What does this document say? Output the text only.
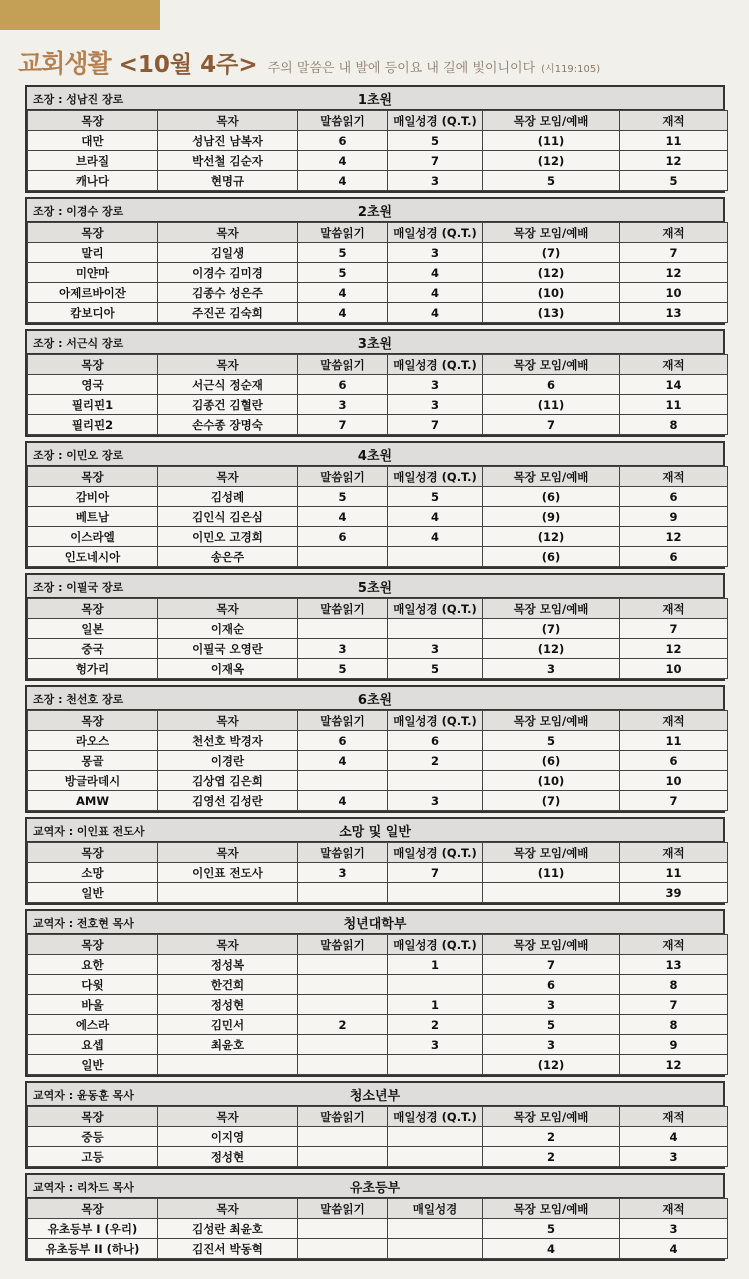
교회생활 <10월 4주> 주의 말씀은 내 발에 등이요 내 길에 빛이니이다 (시119:105)
조장 : 성남진 장로	1초원
목장	목자	말씀읽기	매일성경 (Q.T.)	목장 모임/예배	재적
대만	성남진 남복자	6	5	(11)	11
브라질	박선철 김순자	4	7	(12)	12
캐나다	현명규	4	3	5	5
조장 : 이경수 장로	2초원
목장	목자	말씀읽기	매일성경 (Q.T.)	목장 모임/예배	재적
말리	김일생	5	3	(7)	7
미얀마	이경수 김미경	5	4	(12)	12
아제르바이잔	김종수 성은주	4	4	(10)	10
캄보디아	주진곤 김숙희	4	4	(13)	13
조장 : 서근식 장로	3초원
목장	목자	말씀읽기	매일성경 (Q.T.)	목장 모임/예배	재적
영국	서근식 정순재	6	3	6	14
필리핀1	김종건 김혈란	3	3	(11)	11
필리핀2	손수종 장명숙	7	7	7	8
조장 : 이민오 장로	4초원
목장	목자	말씀읽기	매일성경 (Q.T.)	목장 모임/예배	재적
감비아	김성례	5	5	(6)	6
베트남	김인식 김은심	4	4	(9)	9
이스라엘	이민오 고경희	6	4	(12)	12
인도네시아	송은주			(6)	6
조장 : 이필국 장로	5초원
목장	목자	말씀읽기	매일성경 (Q.T.)	목장 모임/예배	재적
일본	이재순			(7)	7
중국	이필국 오영란	3	3	(12)	12
헝가리	이재옥	5	5	3	10
조장 : 천선호 장로	6초원
목장	목자	말씀읽기	매일성경 (Q.T.)	목장 모임/예배	재적
라오스	천선호 박경자	6	6	5	11
몽골	이경란	4	2	(6)	6
방글라데시	김상엽 김은희			(10)	10
AMW	김영선 김성란	4	3	(7)	7
교역자 : 이인표 전도사	소망 및 일반
목장	목자	말씀읽기	매일성경 (Q.T.)	목장 모임/예배	재적
소망	이인표 전도사	3	7	(11)	11
일반					39
교역자 : 전호현 목사	청년대학부
목장	목자	말씀읽기	매일성경 (Q.T.)	목장 모임/예배	재적
요한	정성복		1	7	13
다윗	한건희			6	8
바울	정성현		1	3	7
에스라	김민서	2	2	5	8
요셉	최윤호		3	3	9
일반				(12)	12
교역자 : 윤동훈 목사	청소년부
목장	목자	말씀읽기	매일성경 (Q.T.)	목장 모임/예배	재적
중등	이지영			2	4
고등	정성현			2	3
교역자 : 리차드 목사	유초등부
목장	목자	말씀읽기	매일성경	목장 모임/예배	재적
유초등부 I (우리)	김성란 최윤호			5	3
유초등부 II (하나)	김진서 박동혁			4	4
